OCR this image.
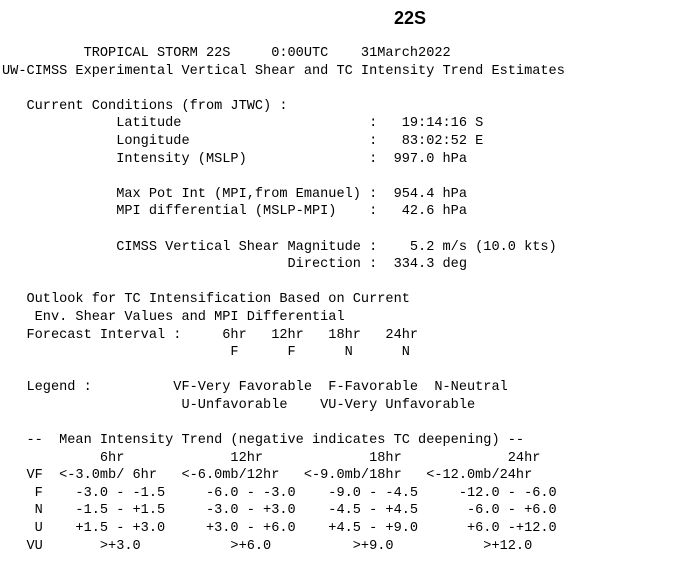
22S
TROPICAL STORM 22S     0:00UTC    31March2022
UW-CIMSS Experimental Vertical Shear and TC Intensity Trend Estimates

Current Conditions (from JTWC) :
Latitude                       :   19:14:16 S
Longitude                      :   83:02:52 E
Intensity (MSLP)               :  997.0 hPa

Max Pot Int (MPI,from Emanuel) :  954.4 hPa
MPI differential (MSLP-MPI)    :   42.6 hPa

CIMSS Vertical Shear Magnitude :    5.2 m/s (10.0 kts)
Direction :  334.3 deg

Outlook for TC Intensification Based on Current
Env. Shear Values and MPI Differential
Forecast Interval :     6hr   12hr   18hr   24hr
F      F      N      N

Legend :          VF-Very Favorable  F-Favorable  N-Neutral
U-Unfavorable    VU-Very Unfavorable

--  Mean Intensity Trend (negative indicates TC deepening) --
6hr             12hr             18hr             24hr
VF  <-3.0mb/ 6hr   <-6.0mb/12hr   <-9.0mb/18hr   <-12.0mb/24hr
F    -3.0 - -1.5     -6.0 - -3.0    -9.0 - -4.5     -12.0 - -6.0
N    -1.5 - +1.5     -3.0 - +3.0    -4.5 - +4.5      -6.0 - +6.0
U    +1.5 - +3.0     +3.0 - +6.0    +4.5 - +9.0      +6.0 -+12.0
VU       >+3.0           >+6.0          >+9.0           >+12.0
